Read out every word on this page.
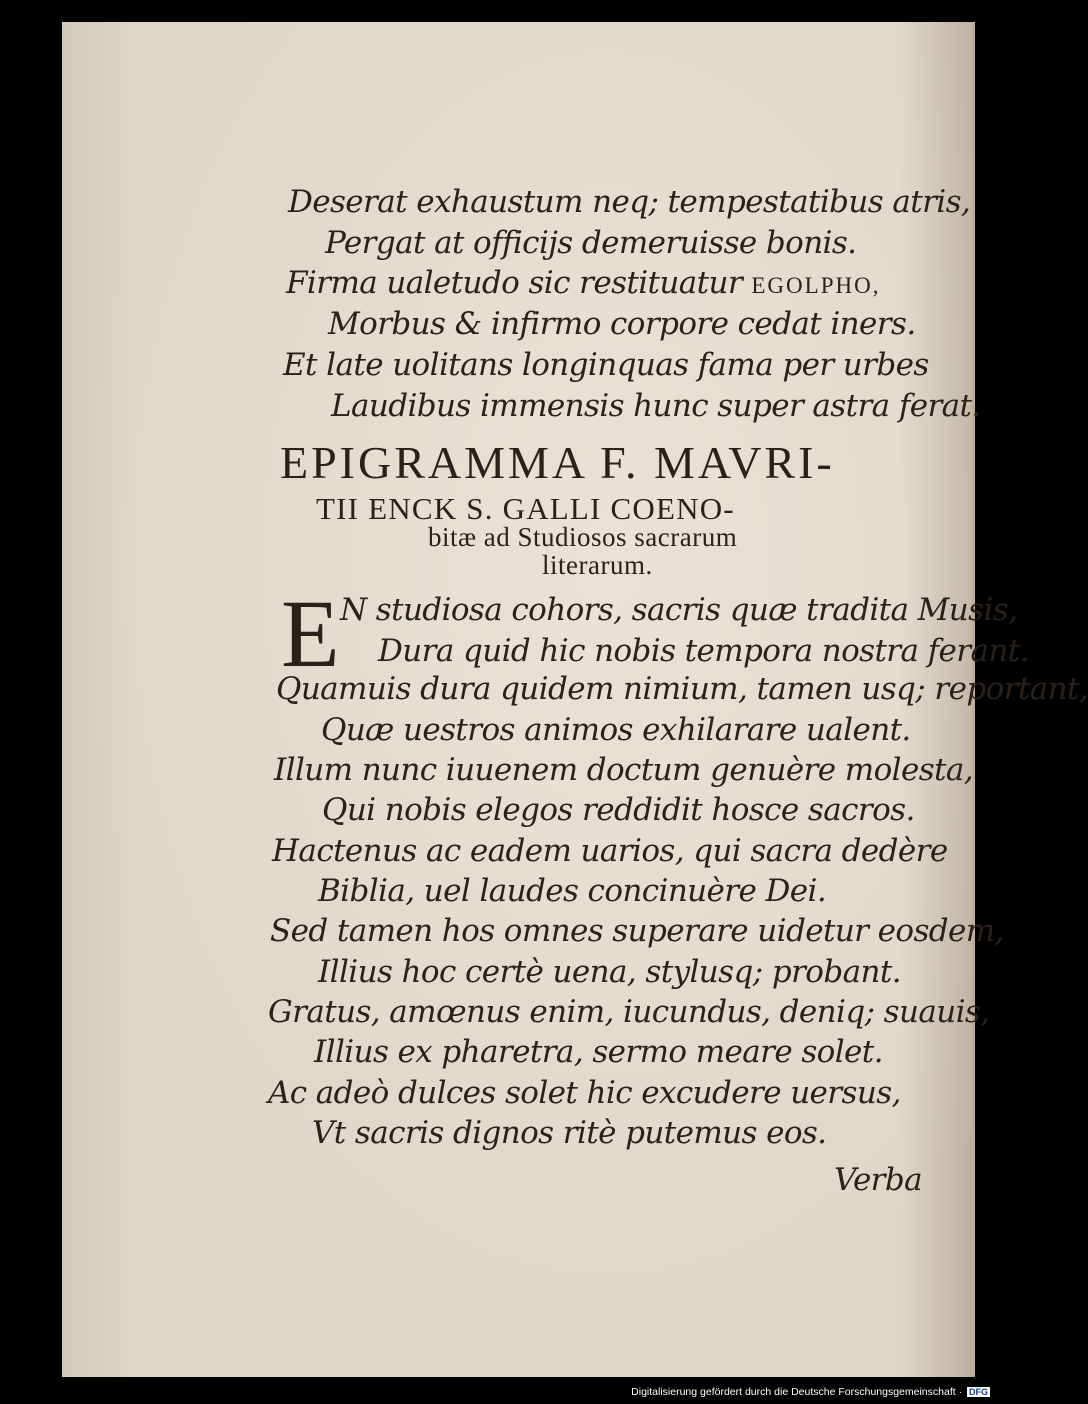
Deserat exhaustum neq; tempestatibus atris,

Pergat at officijs demeruisse bonis.

Firma ualetudo sic restituatur EGOLPHO,

Morbus & infirmo corpore cedat iners.

Et late uolitans longinquas fama per urbes

Laudibus immensis hunc super astra ferat.

EPIGRAMMA F. MAVRI-

TII ENCK S. GALLI COENO-

bitæ ad Studiosos sacrarum

literarum.

E N studiosa cohors, sacris quæ tradita Musis,

Dura quid hic nobis tempora nostra ferant.

Quamuis dura quidem nimium, tamen usq; reportant,

Quæ uestros animos exhilarare ualent.

Illum nunc iuuenem doctum genuère molesta,

Qui nobis elegos reddidit hosce sacros.

Hactenus ac eadem uarios, qui sacra dedère

Biblia, uel laudes concinuère Dei.

Sed tamen hos omnes superare uidetur eosdem,

Illius hoc certè uena, stylusq; probant.

Gratus, amœnus enim, iucundus, deniq; suauis,

Illius ex pharetra, sermo meare solet.

Ac adeò dulces solet hic excudere uersus,

Vt sacris dignos ritè putemus eos.

Verba

Digitalisierung gefördert durch die Deutsche Forschungsgemeinschaft · DFG
